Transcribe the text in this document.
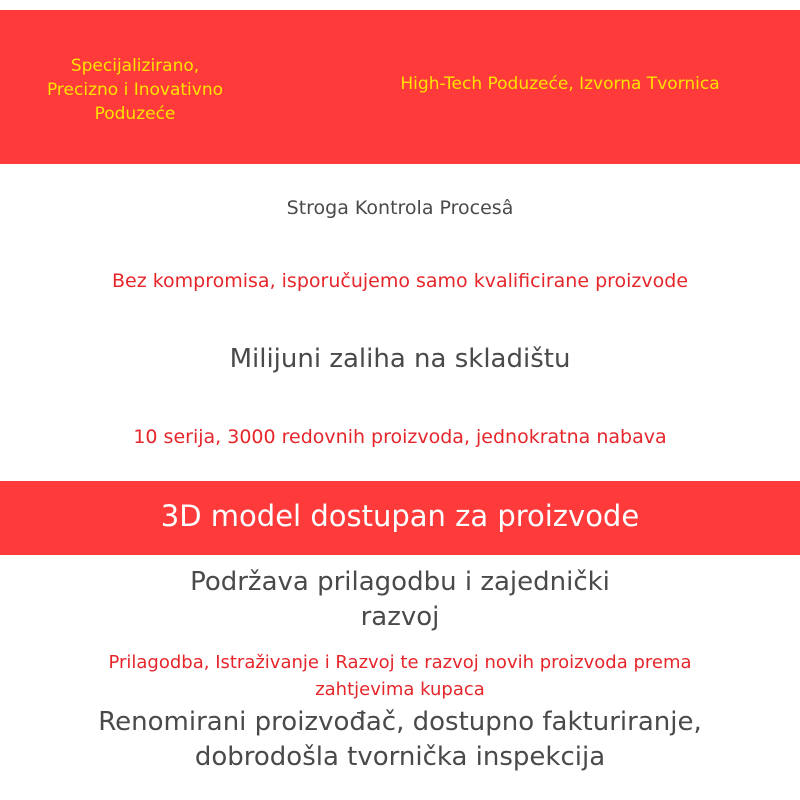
Specijalizirano,
Precizno i Inovativno
Poduzeće
High-Tech Poduzeće, Izvorna Tvornica
Stroga Kontrola Procesâ
Bez kompromisa, isporučujemo samo kvalificirane proizvode
Milijuni zaliha na skladištu
10 serija, 3000 redovnih proizvoda, jednokratna nabava
3D model dostupan za proizvode
Podržava prilagodbu i zajednički
razvoj
Prilagodba, Istraživanje i Razvoj te razvoj novih proizvoda prema
zahtjevima kupaca
Renomirani proizvođač, dostupno fakturiranje,
dobrodošla tvornička inspekcija
